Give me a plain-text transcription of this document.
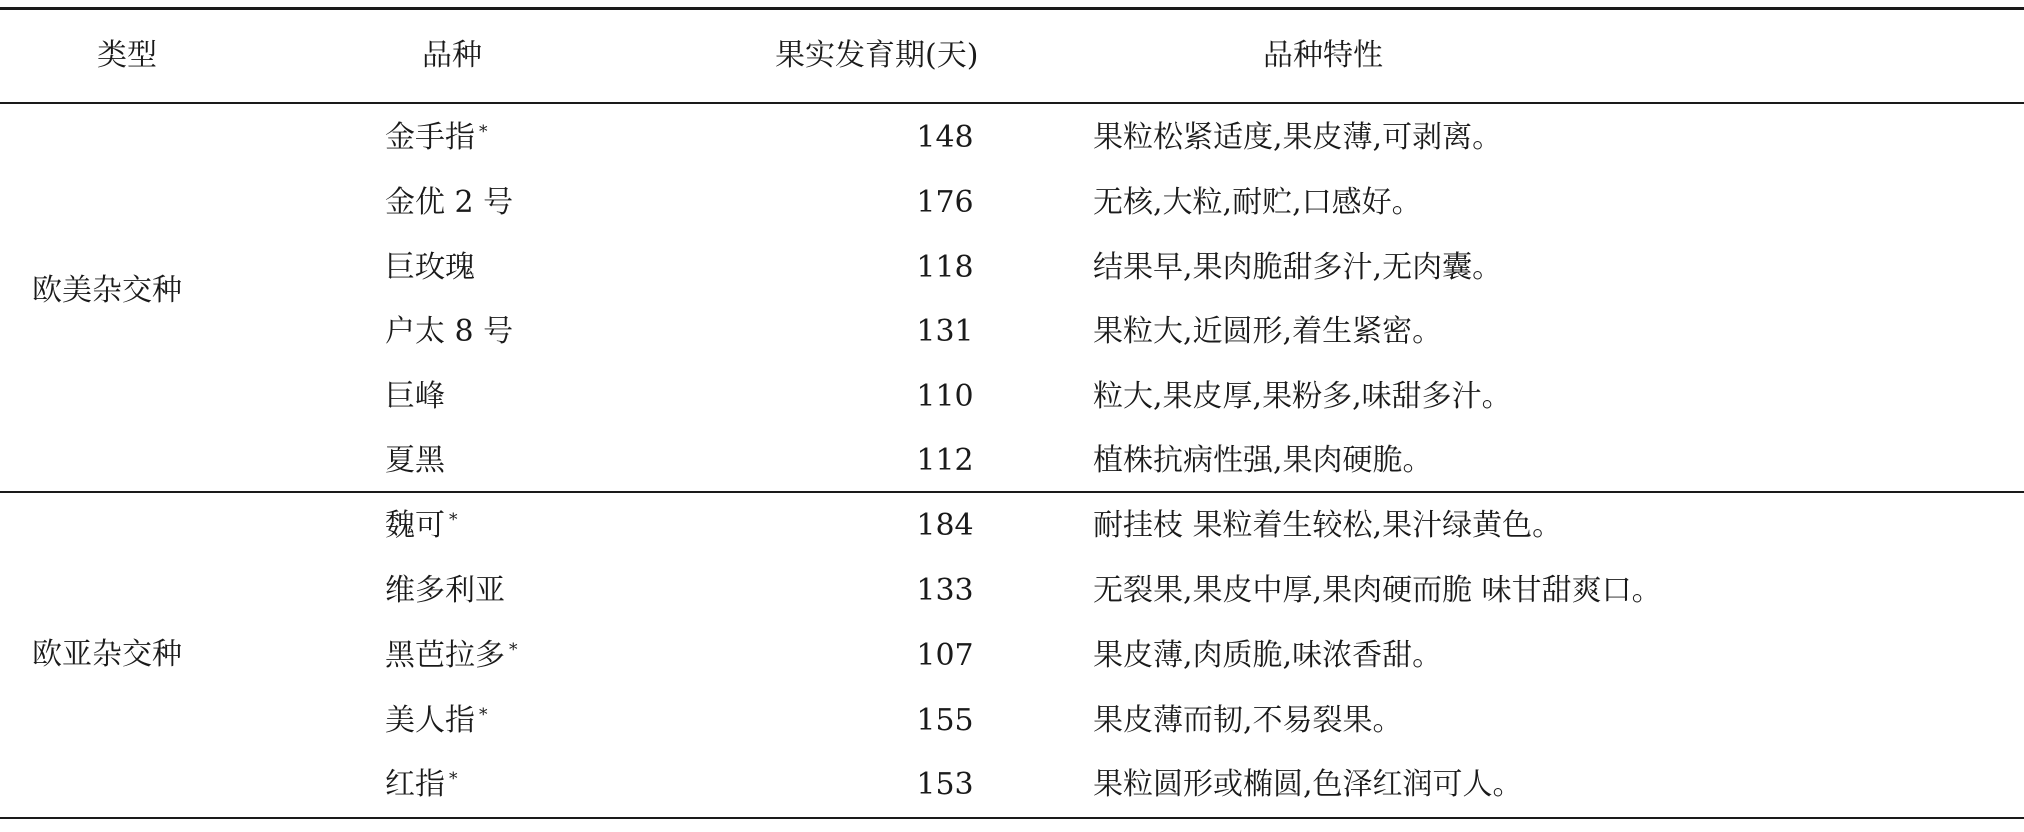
类型	品种	果实发育期(天)	品种特性
欧美杂交种
金手指 *	148	果粒松紧适度,果皮薄,可剥离。
金优 2 号	176	无核,大粒,耐贮,口感好。
巨玫瑰	118	结果早,果肉脆甜多汁,无肉囊。
户太 8 号	131	果粒大,近圆形,着生紧密。
巨峰	110	粒大,果皮厚,果粉多,味甜多汁。
夏黑	112	植株抗病性强,果肉硬脆。
欧亚杂交种
魏可 *	184	耐挂枝 果粒着生较松,果汁绿黄色。
维多利亚	133	无裂果,果皮中厚,果肉硬而脆 味甘甜爽口。
黑芭拉多 *	107	果皮薄,肉质脆,味浓香甜。
美人指 *	155	果皮薄而韧,不易裂果。
红指 *	153	果粒圆形或椭圆,色泽红润可人。
